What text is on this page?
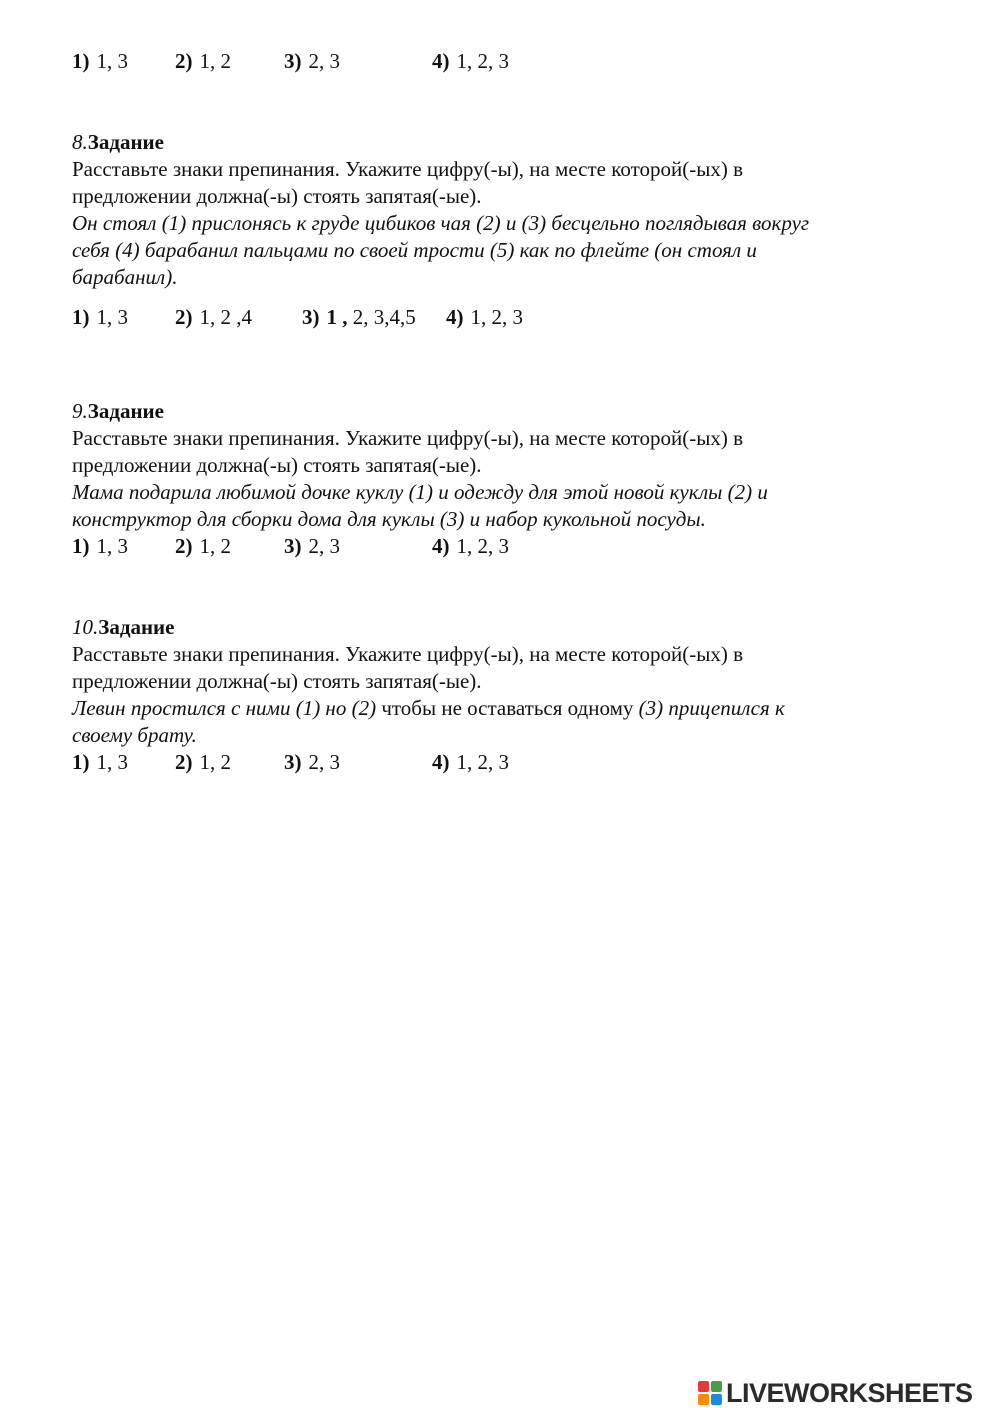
1) 1, 3 2) 1, 2	3) 2, 3	4) 1, 2, 3
8.Задание
Расставьте знаки препинания. Укажите цифру(-ы), на месте которой(-ых) в
предложении должна(-ы) стоять запятая(-ые).
Он стоял (1) прислонясь к груде цибиков чая (2) и (3) бесцельно поглядывая вокруг
себя (4) барабанил пальцами по своей трости (5) как по флейте (он стоял и
барабанил).
1) 1, 3 2) 1, 2 ,4 3) 1 , 2, 3,4,5 4) 1, 2, 3
9.Задание
Расставьте знаки препинания. Укажите цифру(-ы), на месте которой(-ых) в
предложении должна(-ы) стоять запятая(-ые).
Мама подарила любимой дочке куклу (1) и одежду для этой новой куклы (2) и
конструктор для сборки дома для куклы (3) и набор кукольной посуды.
1) 1, 3 2) 1, 2	3) 2, 3	4) 1, 2, 3
10.Задание
Расставьте знаки препинания. Укажите цифру(-ы), на месте которой(-ых) в
предложении должна(-ы) стоять запятая(-ые).
Левин простился с ними (1) но (2) чтобы не оставаться одному (3) прицепился к
своему брату.
1) 1, 3 2) 1, 2	3) 2, 3	4) 1, 2, 3
LIVEWORKSHEETS
